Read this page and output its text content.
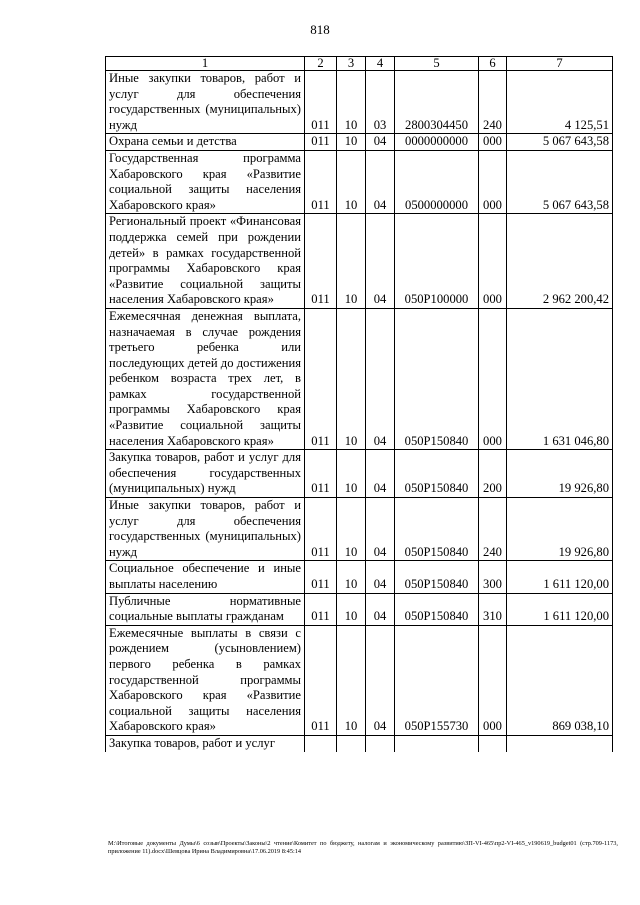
818
1	2	3	4	5	6	7
Иные закупки товаров, работ и услуг для обеспечения государственных (муниципальных) нужд	011	10	03	2800304450	240	4 125,51
Охрана семьи и детства	011	10	04	0000000000	000	5 067 643,58
Государственная программа Хабаровского края «Развитие социальной защиты населения Хабаровского края»	011	10	04	0500000000	000	5 067 643,58
Региональный проект «Финансовая поддержка семей при рождении детей» в рамках государственной программы Хабаровского края «Развитие социальной защиты населения Хабаровского края»	011	10	04	050P100000	000	2 962 200,42
Ежемесячная денежная выплата, назначаемая в случае рождения третьего ребенка или последующих детей до достижения ребенком возраста трех лет, в рамках государственной программы Хабаровского края «Развитие социальной защиты населения Хабаровского края»	011	10	04	050P150840	000	1 631 046,80
Закупка товаров, работ и услуг для обеспечения государственных (муниципальных) нужд	011	10	04	050P150840	200	19 926,80
Иные закупки товаров, работ и услуг для обеспечения государственных (муниципальных) нужд	011	10	04	050P150840	240	19 926,80
Социальное обеспечение и иные выплаты населению	011	10	04	050P150840	300	1 611 120,00
Публичные нормативные социальные выплаты гражданам	011	10	04	050P150840	310	1 611 120,00
Ежемесячные выплаты в связи с рождением (усыновлением) первого ребенка в рамках государственной программы Хабаровского края «Развитие социальной защиты населения Хабаровского края»	011	10	04	050P155730	000	869 038,10
Закупка товаров, работ и услуг						
М:\Итоговые документы Думы\6 созыв\Проекты\Законы\2 чтение\Комитет по бюджету, налогам и экономическому развитию\ЗП-VI-465\пр2-VI-465_v190619_budget01 (стр.709-1173, приложение 11).docx\Шевцова Ирина Владимировна\17.06.2019 8:45:14
